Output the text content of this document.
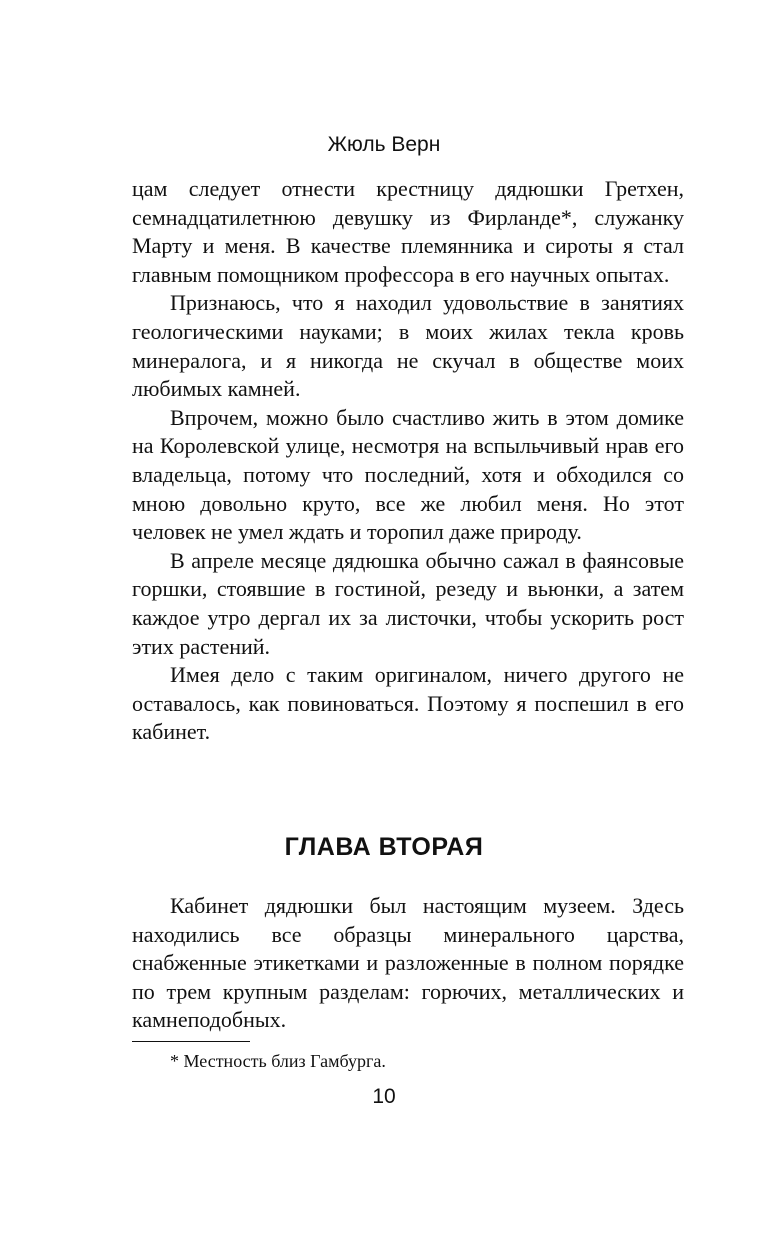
Жюль Верн

цам следует отнести крестницу дядюшки Гретхен, семнадцатилетнюю девушку из Фирланде*, служанку Марту и меня. В качестве племянника и сироты я стал главным помощником профессора в его научных опытах.

Признаюсь, что я находил удовольствие в занятиях геологическими науками; в моих жилах текла кровь минералога, и я никогда не скучал в обществе моих любимых камней.

Впрочем, можно было счастливо жить в этом домике на Королевской улице, несмотря на вспыльчивый нрав его владельца, потому что последний, хотя и обходился со мною довольно круто, все же любил меня. Но этот человек не умел ждать и торопил даже природу.

В апреле месяце дядюшка обычно сажал в фаянсовые горшки, стоявшие в гостиной, резеду и вьюнки, а затем каждое утро дергал их за листочки, чтобы ускорить рост этих растений.

Имея дело с таким оригиналом, ничего другого не оставалось, как повиноваться. Поэтому я поспешил в его кабинет.

ГЛАВА ВТОРАЯ

Кабинет дядюшки был настоящим музеем. Здесь находились все образцы минерального царства, снабженные этикетками и разложенные в полном порядке по трем крупным разделам: горючих, металлических и камнеподобных.

* Местность близ Гамбурга.
10
